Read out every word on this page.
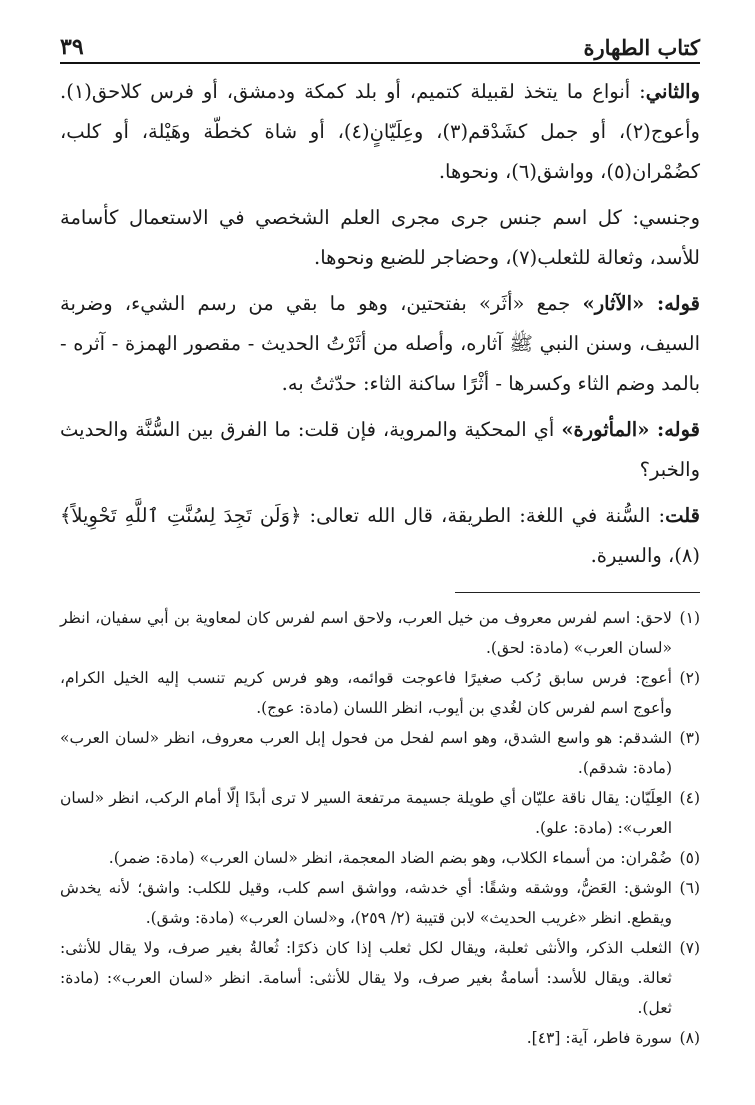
كتاب الطهارة
٣٩

والثاني: أنواع ما يتخذ لقبيلة كتميم، أو بلد كمكة ودمشق، أو فرس كلاحق(١). وأعوج(٢)، أو جمل كشَدْقم(٣)، وعِلَيّانٍ(٤)، أو شاة كخطّة وهَيْلة، أو كلب، كضُمْران(٥)، وواشق(٦)، ونحوها.

وجنسي: كل اسم جنس جرى مجرى العلم الشخصي في الاستعمال كأسامة للأسد، وثعالة للثعلب(٧)، وحضاجر للضبع ونحوها.

قوله: «الآثار» جمع «أثَر» بفتحتين، وهو ما بقي من رسم الشيء، وضربة السيف، وسنن النبي ﷺ آثاره، وأصله من أثَرْتُ الحديث - مقصور الهمزة - آثره - بالمد وضم الثاء وكسرها - أثْرًا ساكنة الثاء: حدّثتُ به.

قوله: «المأثورة» أي المحكية والمروية، فإن قلت: ما الفرق بين السُّنَّة والحديث والخبر؟

قلت: السُّنة في اللغة: الطريقة، قال الله تعالى: ﴿وَلَن تَجِدَ لِسُنَّتِ ٱللَّهِ تَحْوِيلاً﴾(٨)، والسيرة.

(١)
لاحق: اسم لفرس معروف من خيل العرب، ولاحق اسم لفرس كان لمعاوية بن أبي سفيان، انظر «لسان العرب» (مادة: لحق).

(٢)
أعوج: فرس سابق رُكب صغيرًا فاعوجت قوائمه، وهو فرس كريم تنسب إليه الخيل الكرام، وأعوج اسم لفرس كان لغُدي بن أيوب، انظر اللسان (مادة: عوج).

(٣)
الشدقم: هو واسع الشدق، وهو اسم لفحل من فحول إبل العرب معروف، انظر «لسان العرب» (مادة: شدقم).

(٤)
العِلَيّان: يقال ناقة عليّان أي طويلة جسيمة مرتفعة السير لا ترى أبدًا إلّا أمام الركب، انظر «لسان العرب»: (مادة: علو).

(٥)
ضُمْران: من أسماء الكلاب، وهو بضم الضاد المعجمة، انظر «لسان العرب» (مادة: ضمر).

(٦)
الوشق: العَضُّ، ووشقه وشقًا: أي خدشه، وواشق اسم كلب، وقيل للكلب: واشق؛ لأنه يخدش ويقطع. انظر «غريب الحديث» لابن قتيبة (٢/ ٢٥٩)، و«لسان العرب» (مادة: وشق).

(٧)
الثعلب الذكر، والأنثى ثعلبة، ويقال لكل ثعلب إذا كان ذكرًا: ثُعالةُ بغير صرف، ولا يقال للأنثى: ثعالة. ويقال للأسد: أسامةُ بغير صرف، ولا يقال للأنثى: أسامة. انظر «لسان العرب»: (مادة: ثعل).

(٨)
سورة فاطر، آية: [٤٣].
